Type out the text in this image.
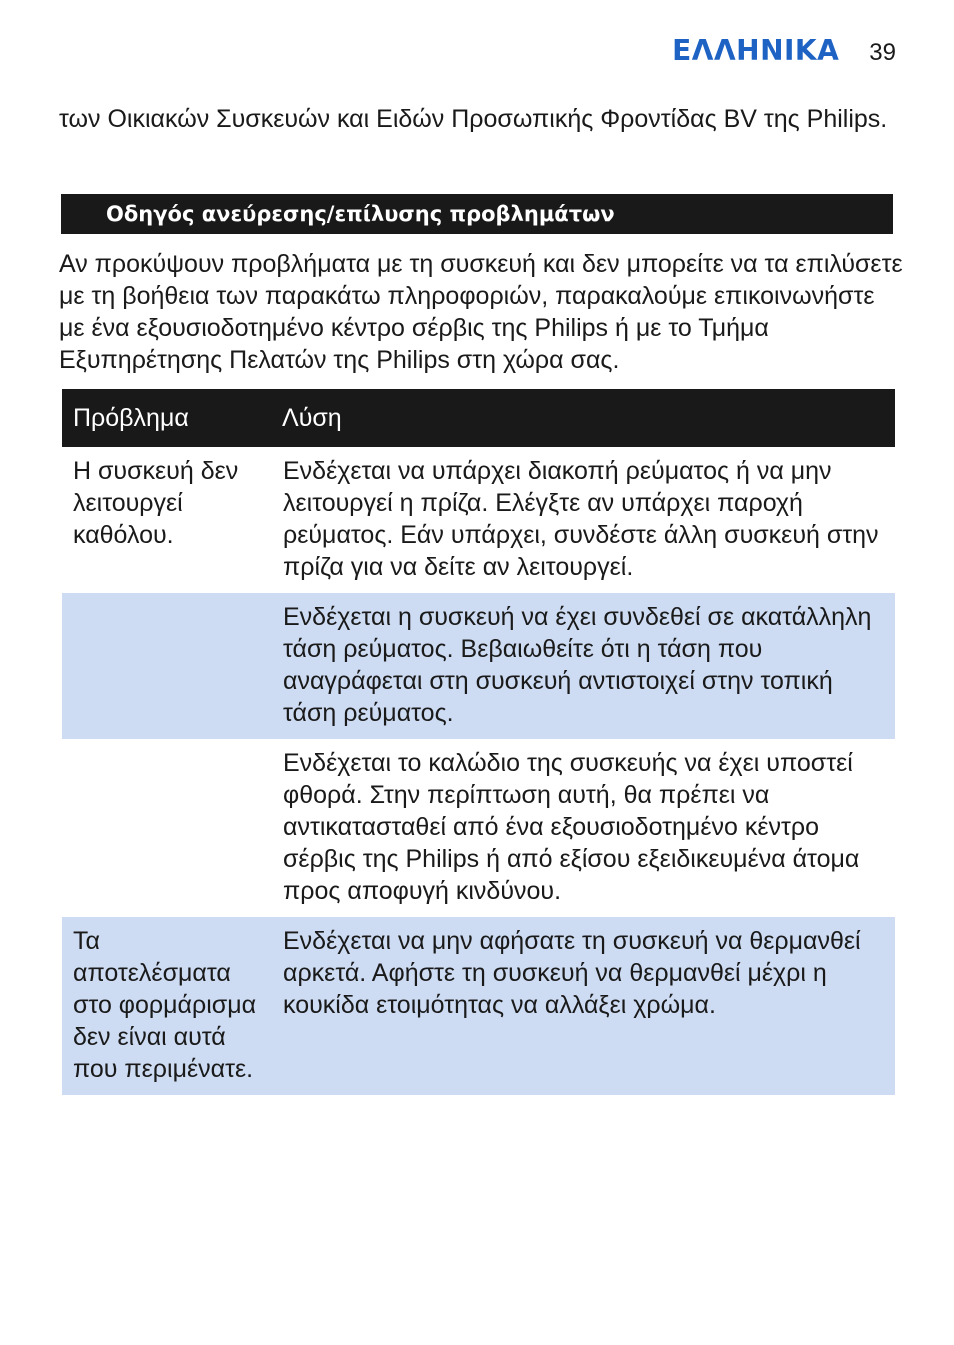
ΕΛΛΗΝΙΚΑ 39

των Οικιακών Συσκευών και Ειδών Προσωπικής Φροντίδας BV της Philips.

Οδηγός ανεύρεσης/επίλυσης προβλημάτων

Αν προκύψουν προβλήματα με τη συσκευή και δεν μπορείτε να τα επιλύσετε με τη βοήθεια των παρακάτω πληροφοριών, παρακαλούμε επικοινωνήστε με ένα εξουσιοδοτημένο κέντρο σέρβις της Philips ή με το Τμήμα Εξυπηρέτησης Πελατών της Philips στη χώρα σας.

Πρόβλημα	Λύση
Η συσκευή δεν λειτουργεί καθόλου.	Ενδέχεται να υπάρχει διακοπή ρεύματος ή να μην λειτουργεί η πρίζα. Ελέγξτε αν υπάρχει παροχή ρεύματος. Εάν υπάρχει, συνδέστε άλλη συσκευή στην πρίζα για να δείτε αν λειτουργεί.
	Ενδέχεται η συσκευή να έχει συνδεθεί σε ακατάλληλη τάση ρεύματος. Βεβαιωθείτε ότι η τάση που αναγράφεται στη συσκευή αντιστοιχεί στην τοπική τάση ρεύματος.
	Ενδέχεται το καλώδιο της συσκευής να έχει υποστεί φθορά. Στην περίπτωση αυτή, θα πρέπει να αντικατασταθεί από ένα εξουσιοδοτημένο κέντρο σέρβις της Philips ή από εξίσου εξειδικευμένα άτομα προς αποφυγή κινδύνου.
Τα αποτελέσματα στο φορμάρισμα δεν είναι αυτά που περιμένατε.	Ενδέχεται να μην αφήσατε τη συσκευή να θερμανθεί αρκετά. Αφήστε τη συσκευή να θερμανθεί μέχρι η κουκίδα ετοιμότητας να αλλάξει χρώμα.
